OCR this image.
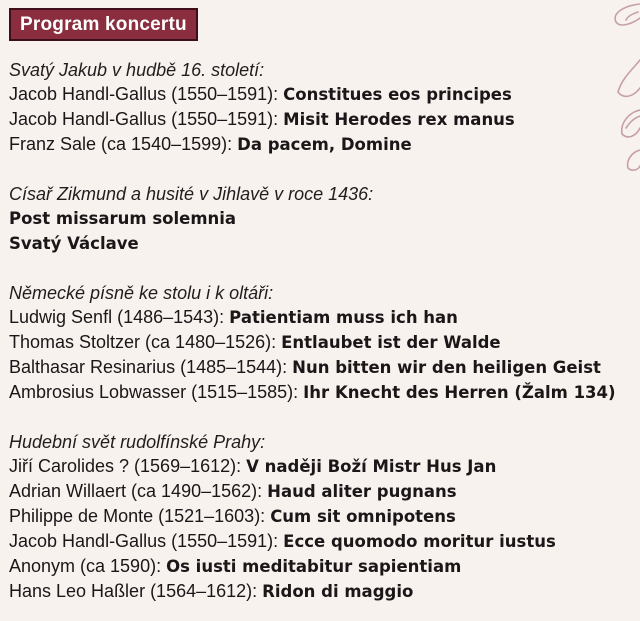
Program koncertu
Svatý Jakub v hudbě 16. století:
Jacob Handl-Gallus (1550–1591): Constitues eos principes
Jacob Handl-Gallus (1550–1591): Misit Herodes rex manus
Franz Sale (ca 1540–1599): Da pacem, Domine
Císař Zikmund a husité v Jihlavě v roce 1436:
Post missarum solemnia
Svatý Václave
Německé písně ke stolu i k oltáři:
Ludwig Senfl (1486–1543): Patientiam muss ich han
Thomas Stoltzer (ca 1480–1526): Entlaubet ist der Walde
Balthasar Resinarius (1485–1544): Nun bitten wir den heiligen Geist
Ambrosius Lobwasser (1515–1585): Ihr Knecht des Herren (Žalm 134)
Hudební svět rudolfínské Prahy:
Jiří Carolides ? (1569–1612): V naději Boží Mistr Hus Jan
Adrian Willaert (ca 1490–1562): Haud aliter pugnans
Philippe de Monte (1521–1603): Cum sit omnipotens
Jacob Handl-Gallus (1550–1591): Ecce quomodo moritur iustus
Anonym (ca 1590): Os iusti meditabitur sapientiam
Hans Leo Haßler (1564–1612): Ridon di maggio
